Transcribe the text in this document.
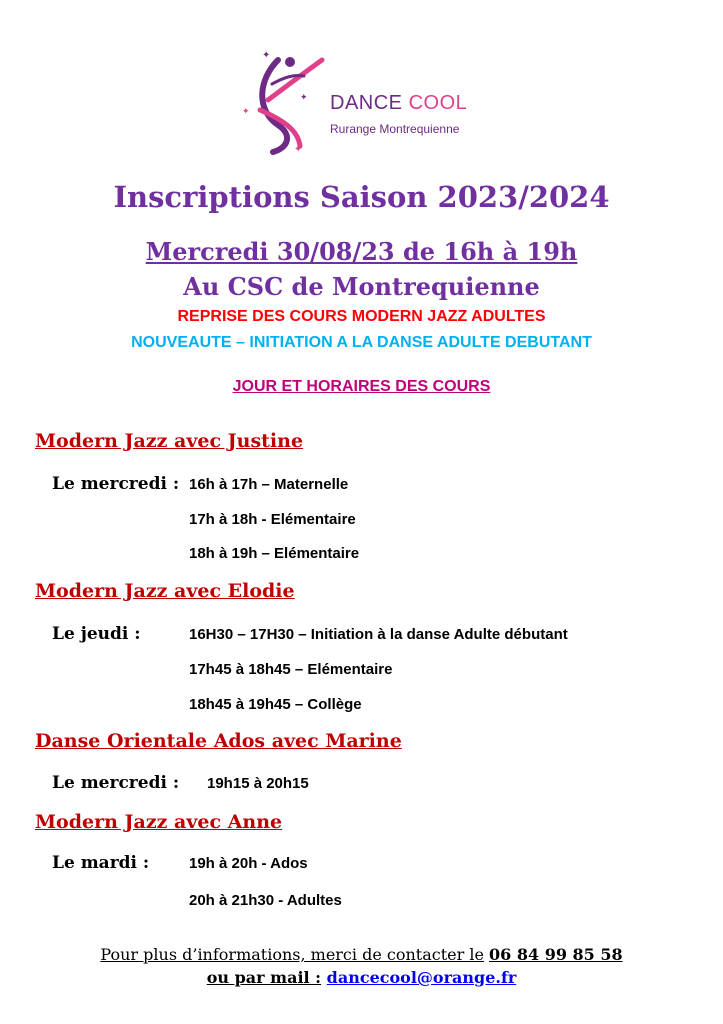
✦
✦
✦
✦
DANCE COOL
Rurange Montrequienne
Inscriptions Saison 2023/2024
Mercredi 30/08/23 de 16h à 19h
Au CSC de Montrequienne
REPRISE DES COURS MODERN JAZZ ADULTES
NOUVEAUTE – INITIATION A LA DANSE ADULTE DEBUTANT
JOUR ET HORAIRES DES COURS
Modern Jazz avec Justine
Le mercredi : 16h à 17h – Maternelle
17h à 18h - Elémentaire
18h à 19h – Elémentaire
Modern Jazz avec Elodie
Le jeudi :	16H30 – 17H30 – Initiation à la danse Adulte débutant
17h45 à 18h45 – Elémentaire
18h45 à 19h45 – Collège
Danse Orientale Ados avec Marine
Le mercredi : 19h15 à 20h15
Modern Jazz avec Anne
Le mardi :	19h à 20h - Ados
20h à 21h30 - Adultes
Pour plus d’informations, merci de contacter le 06 84 99 85 58
ou par mail : dancecool@orange.fr
